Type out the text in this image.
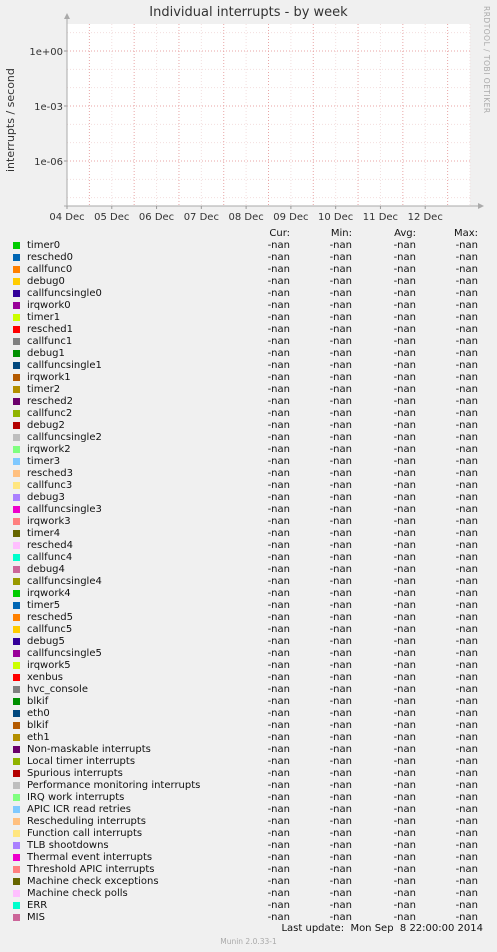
Individual interrupts - by week
interrupts / second
RRDTOOL / TOBI OETIKER
1e+00
1e-03
1e-06
04 Dec 05 Dec 06 Dec 07 Dec 08 Dec 09 Dec 10 Dec 11 Dec 12 Dec
Cur:	Min:	Avg:	Max:
timer0	-nan	-nan	-nan	-nan
resched0	-nan	-nan	-nan	-nan
callfunc0	-nan	-nan	-nan	-nan
debug0	-nan	-nan	-nan	-nan
callfuncsingle0	-nan	-nan	-nan	-nan
irqwork0	-nan	-nan	-nan	-nan
timer1	-nan	-nan	-nan	-nan
resched1	-nan	-nan	-nan	-nan
callfunc1	-nan	-nan	-nan	-nan
debug1	-nan	-nan	-nan	-nan
callfuncsingle1	-nan	-nan	-nan	-nan
irqwork1	-nan	-nan	-nan	-nan
timer2	-nan	-nan	-nan	-nan
resched2	-nan	-nan	-nan	-nan
callfunc2	-nan	-nan	-nan	-nan
debug2	-nan	-nan	-nan	-nan
callfuncsingle2	-nan	-nan	-nan	-nan
irqwork2	-nan	-nan	-nan	-nan
timer3	-nan	-nan	-nan	-nan
resched3	-nan	-nan	-nan	-nan
callfunc3	-nan	-nan	-nan	-nan
debug3	-nan	-nan	-nan	-nan
callfuncsingle3	-nan	-nan	-nan	-nan
irqwork3	-nan	-nan	-nan	-nan
timer4	-nan	-nan	-nan	-nan
resched4	-nan	-nan	-nan	-nan
callfunc4	-nan	-nan	-nan	-nan
debug4	-nan	-nan	-nan	-nan
callfuncsingle4	-nan	-nan	-nan	-nan
irqwork4	-nan	-nan	-nan	-nan
timer5	-nan	-nan	-nan	-nan
resched5	-nan	-nan	-nan	-nan
callfunc5	-nan	-nan	-nan	-nan
debug5	-nan	-nan	-nan	-nan
callfuncsingle5	-nan	-nan	-nan	-nan
irqwork5	-nan	-nan	-nan	-nan
xenbus	-nan	-nan	-nan	-nan
hvc_console	-nan	-nan	-nan	-nan
blkif	-nan	-nan	-nan	-nan
eth0	-nan	-nan	-nan	-nan
blkif	-nan	-nan	-nan	-nan
eth1	-nan	-nan	-nan	-nan
Non-maskable interrupts	-nan	-nan	-nan	-nan
Local timer interrupts	-nan	-nan	-nan	-nan
Spurious interrupts	-nan	-nan	-nan	-nan
Performance monitoring interrupts	-nan	-nan	-nan	-nan
IRQ work interrupts	-nan	-nan	-nan	-nan
APIC ICR read retries	-nan	-nan	-nan	-nan
Rescheduling interrupts	-nan	-nan	-nan	-nan
Function call interrupts	-nan	-nan	-nan	-nan
TLB shootdowns	-nan	-nan	-nan	-nan
Thermal event interrupts	-nan	-nan	-nan	-nan
Threshold APIC interrupts	-nan	-nan	-nan	-nan
Machine check exceptions	-nan	-nan	-nan	-nan
Machine check polls	-nan	-nan	-nan	-nan
ERR	-nan	-nan	-nan	-nan
MIS	-nan	-nan	-nan	-nan
Last update:  Mon Sep  8 22:00:00 2014
Munin 2.0.33-1
